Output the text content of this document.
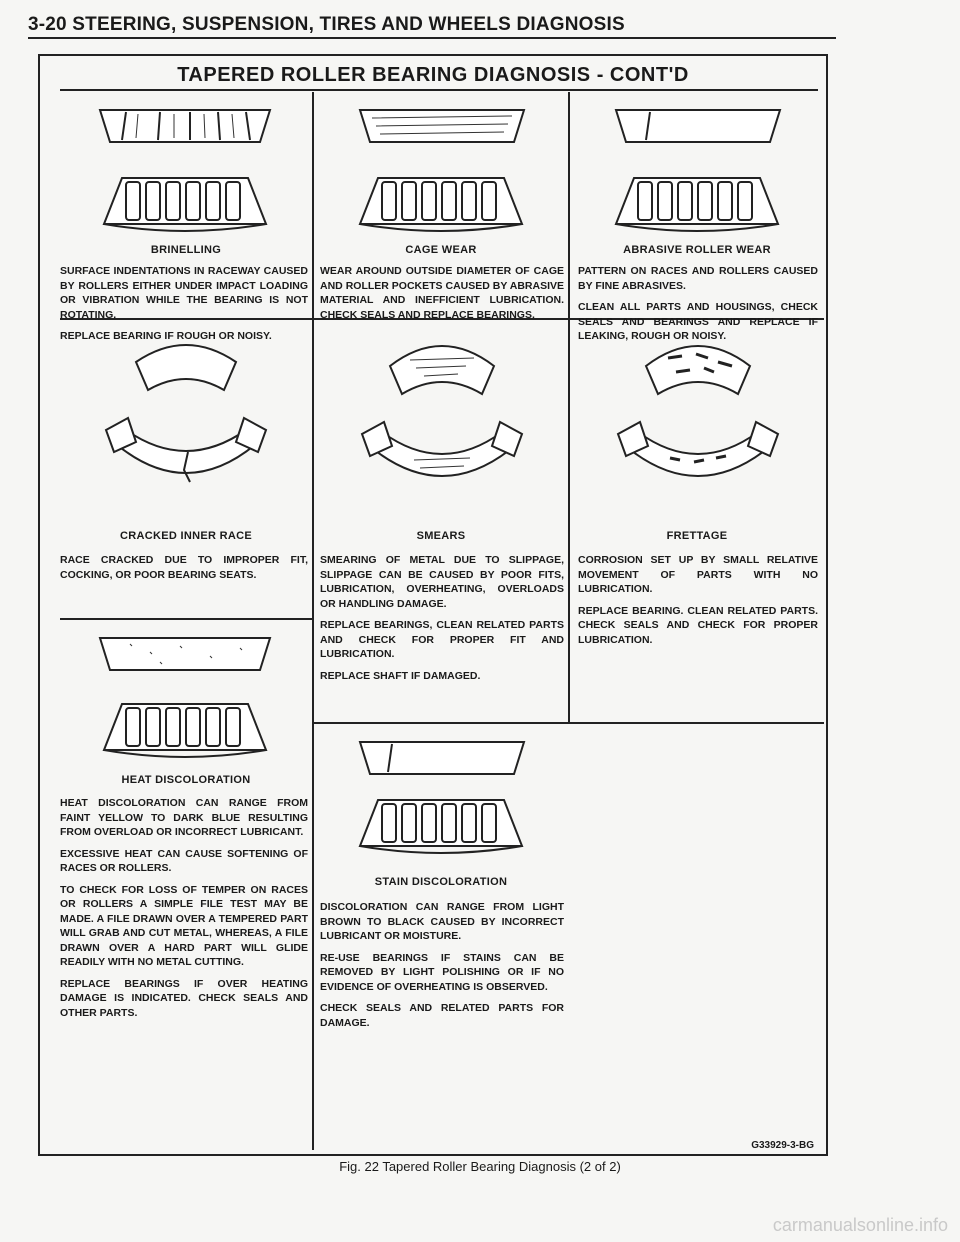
3-20 STEERING, SUSPENSION, TIRES AND WHEELS DIAGNOSIS
TAPERED ROLLER BEARING DIAGNOSIS - CONT'D
BRINELLING

SURFACE INDENTATIONS IN RACEWAY CAUSED BY ROLLERS EITHER UNDER IMPACT LOADING OR VIBRATION WHILE THE BEARING IS NOT ROTATING.

REPLACE BEARING IF ROUGH OR NOISY.

CAGE WEAR

WEAR AROUND OUTSIDE DIAMETER OF CAGE AND ROLLER POCKETS CAUSED BY ABRASIVE MATERIAL AND INEFFICIENT LUBRICATION. CHECK SEALS AND REPLACE BEARINGS.

ABRASIVE ROLLER WEAR

PATTERN ON RACES AND ROLLERS CAUSED BY FINE ABRASIVES.

CLEAN ALL PARTS AND HOUSINGS, CHECK SEALS AND BEARINGS AND REPLACE IF LEAKING, ROUGH OR NOISY.

CRACKED INNER RACE

RACE CRACKED DUE TO IMPROPER FIT, COCKING, OR POOR BEARING SEATS.

SMEARS

SMEARING OF METAL DUE TO SLIPPAGE, SLIPPAGE CAN BE CAUSED BY POOR FITS, LUBRICATION, OVERHEATING, OVERLOADS OR HANDLING DAMAGE.

REPLACE BEARINGS, CLEAN RELATED PARTS AND CHECK FOR PROPER FIT AND LUBRICATION.

REPLACE SHAFT IF DAMAGED.

FRETTAGE

CORROSION SET UP BY SMALL RELATIVE MOVEMENT OF PARTS WITH NO LUBRICATION.

REPLACE BEARING. CLEAN RELATED PARTS. CHECK SEALS AND CHECK FOR PROPER LUBRICATION.

HEAT DISCOLORATION

HEAT DISCOLORATION CAN RANGE FROM FAINT YELLOW TO DARK BLUE RESULTING FROM OVERLOAD OR INCORRECT LUBRICANT.

EXCESSIVE HEAT CAN CAUSE SOFTENING OF RACES OR ROLLERS.

TO CHECK FOR LOSS OF TEMPER ON RACES OR ROLLERS A SIMPLE FILE TEST MAY BE MADE. A FILE DRAWN OVER A TEMPERED PART WILL GRAB AND CUT METAL, WHEREAS, A FILE DRAWN OVER A HARD PART WILL GLIDE READILY WITH NO METAL CUTTING.

REPLACE BEARINGS IF OVER HEATING DAMAGE IS INDICATED. CHECK SEALS AND OTHER PARTS.

STAIN DISCOLORATION

DISCOLORATION CAN RANGE FROM LIGHT BROWN TO BLACK CAUSED BY INCORRECT LUBRICANT OR MOISTURE.

RE-USE BEARINGS IF STAINS CAN BE REMOVED BY LIGHT POLISHING OR IF NO EVIDENCE OF OVERHEATING IS OBSERVED.

CHECK SEALS AND RELATED PARTS FOR DAMAGE.

G33929-3-BG
Fig. 22 Tapered Roller Bearing Diagnosis (2 of 2)
carmanualsonline.info
